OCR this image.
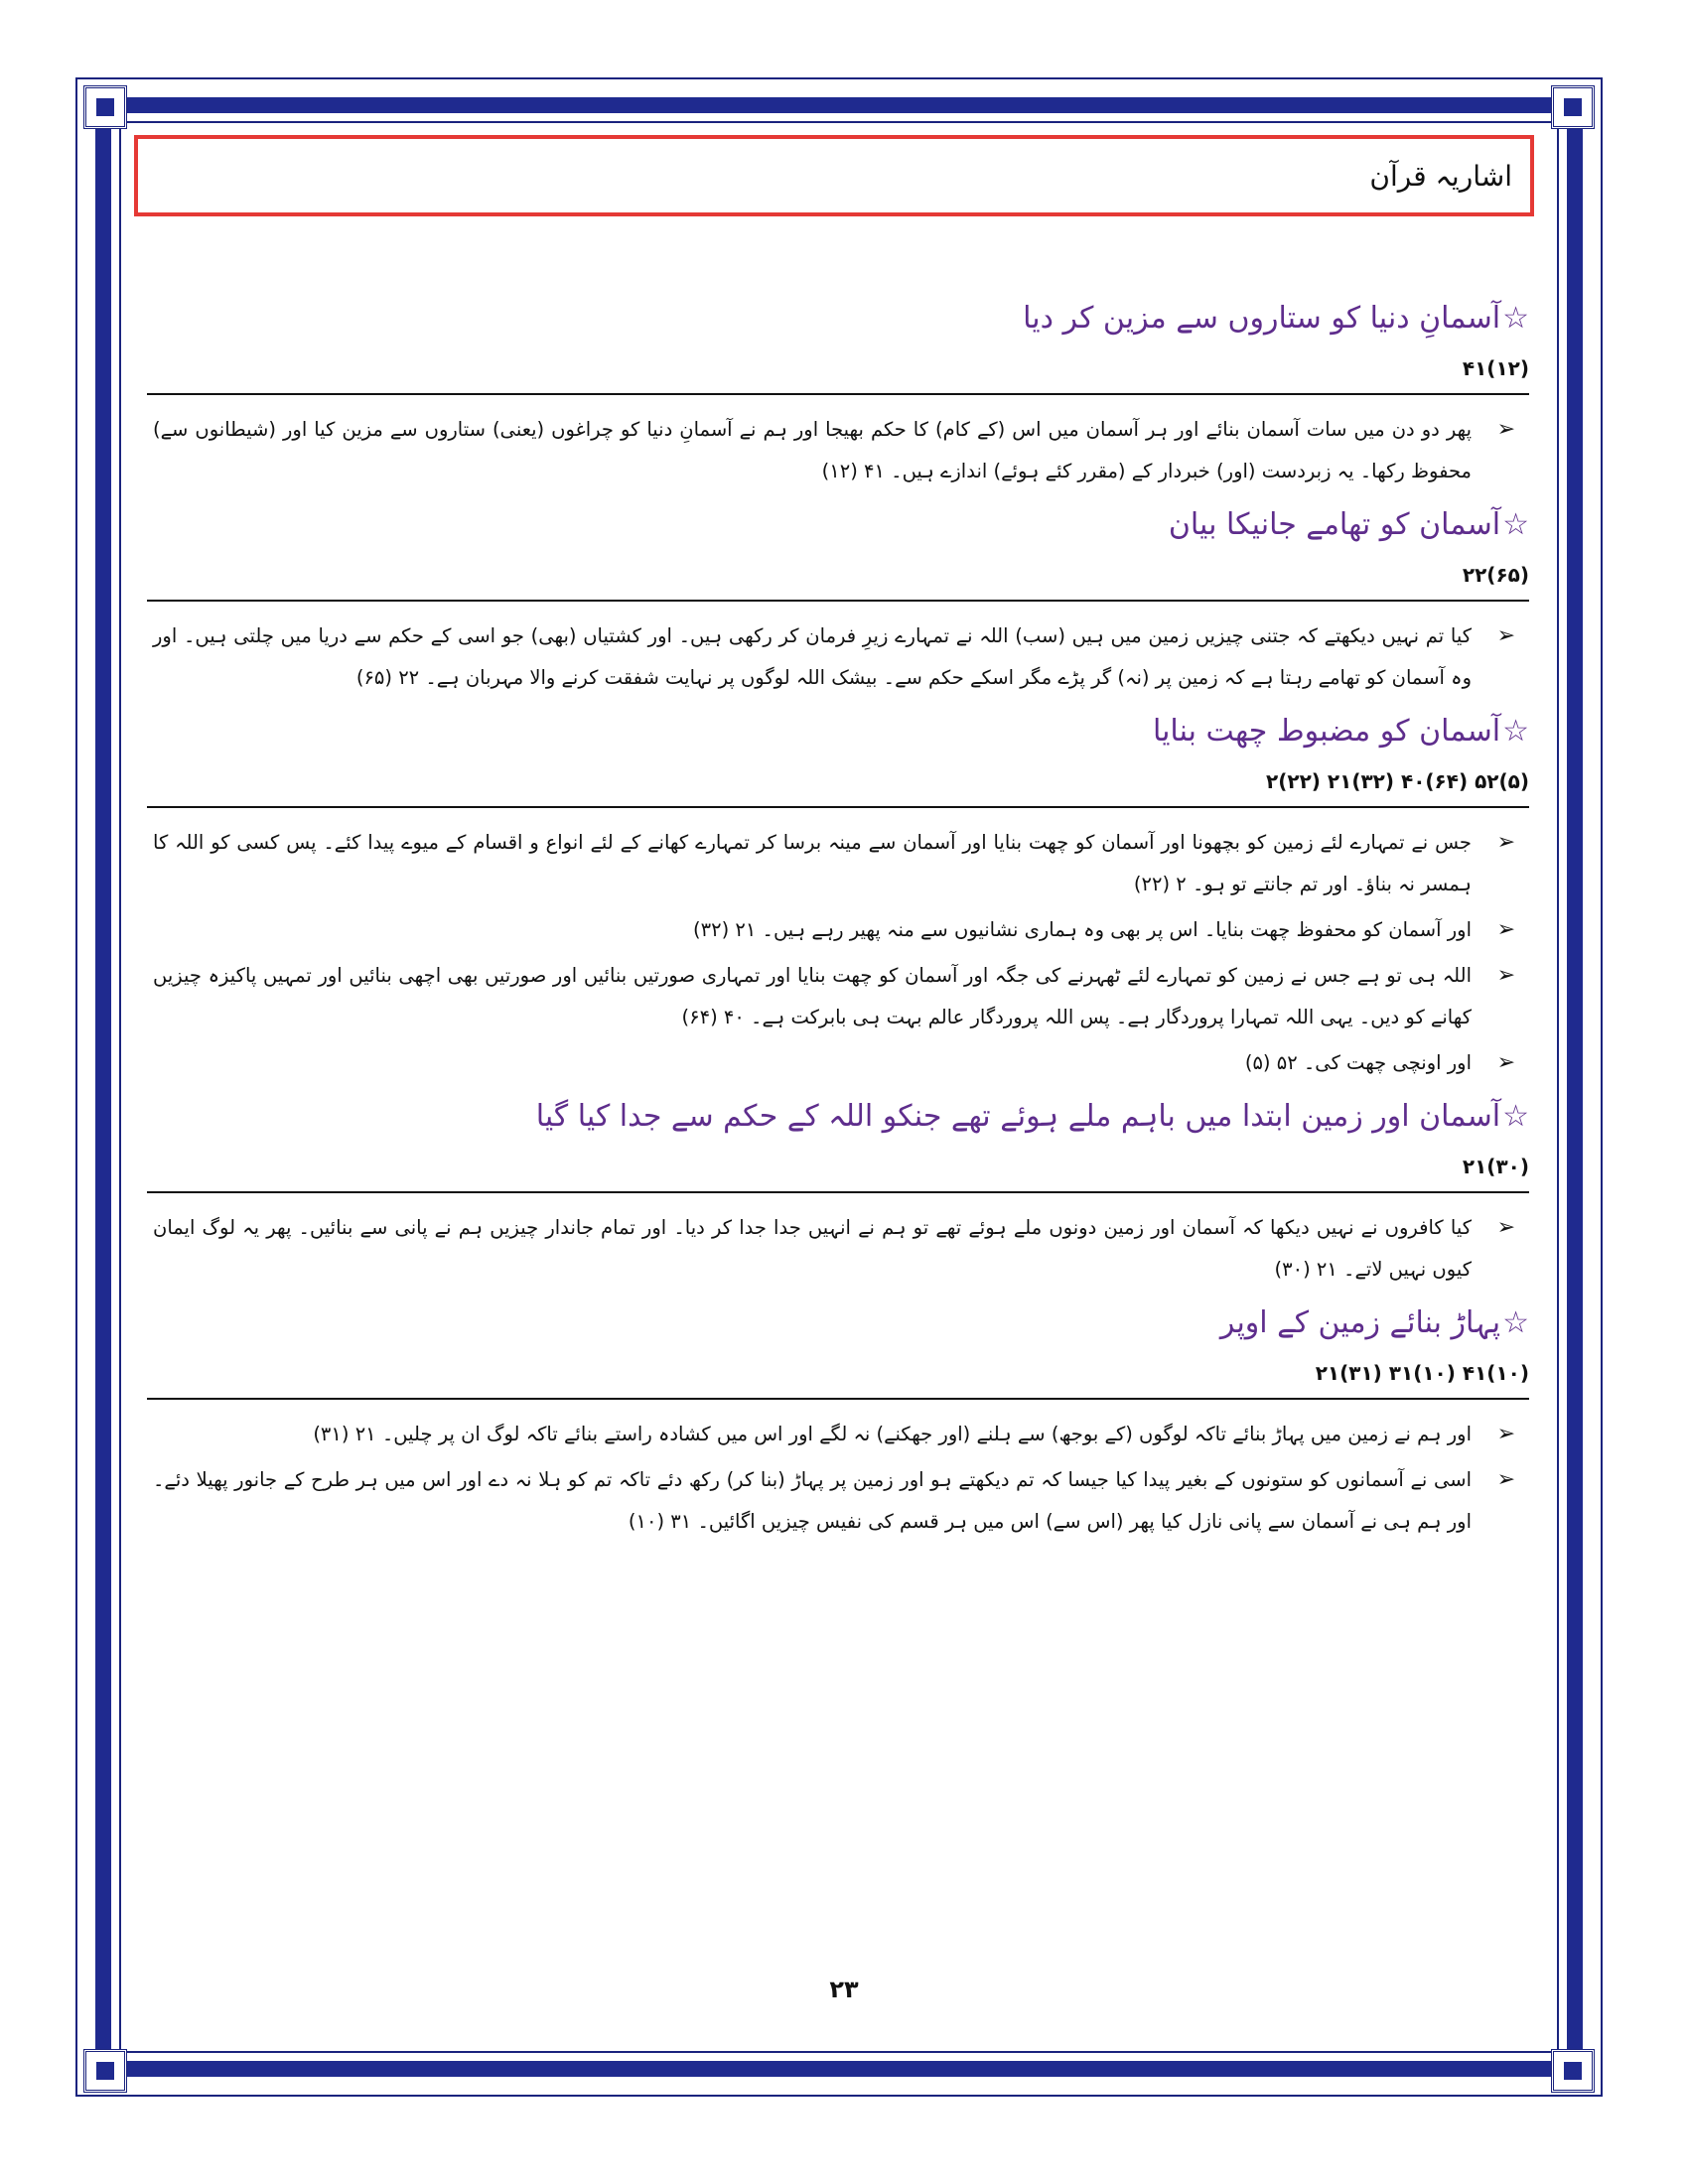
اشاریہ قرآن
☆آسمانِ دنیا کو ستاروں سے مزین کر دیا
(۱۲)۴۱
➢
پھر دو دن میں سات آسمان بنائے اور ہر آسمان میں اس (کے کام) کا حکم بھیجا اور ہم نے آسمانِ دنیا کو چراغوں (یعنی) ستاروں سے مزین کیا اور (شیطانوں سے) محفوظ رکھا۔ یہ زبردست (اور) خبردار کے (مقرر کئے ہوئے) اندازے ہیں۔ ۴۱ (۱۲)
☆آسمان کو تھامے جانیکا بیان
(۶۵)۲۲
➢
کیا تم نہیں دیکھتے کہ جتنی چیزیں زمین میں ہیں (سب) اللہ نے تمہارے زیرِ فرمان کر رکھی ہیں۔ اور کشتیاں (بھی) جو اسی کے حکم سے دریا میں چلتی ہیں۔ اور وہ آسمان کو تھامے رہتا ہے کہ زمین پر (نہ) گر پڑے مگر اسکے حکم سے۔ بیشک اللہ لوگوں پر نہایت شفقت کرنے والا مہربان ہے۔ ۲۲ (۶۵)
☆آسمان کو مضبوط چھت بنایا
(۵)۵۲ (۶۴)۴۰ (۳۲)۲۱ (۲۲)۲
➢
جس نے تمہارے لئے زمین کو بچھونا اور آسمان کو چھت بنایا اور آسمان سے مینہ برسا کر تمہارے کھانے کے لئے انواع و اقسام کے میوے پیدا کئے۔ پس کسی کو اللہ کا ہمسر نہ بناؤ۔ اور تم جانتے تو ہو۔ ۲ (۲۲)
➢
اور آسمان کو محفوظ چھت بنایا۔ اس پر بھی وہ ہماری نشانیوں سے منہ پھیر رہے ہیں۔ ۲۱ (۳۲)
➢
اللہ ہی تو ہے جس نے زمین کو تمہارے لئے ٹھہرنے کی جگہ اور آسمان کو چھت بنایا اور تمہاری صورتیں بنائیں اور صورتیں بھی اچھی بنائیں اور تمہیں پاکیزہ چیزیں کھانے کو دیں۔ یہی اللہ تمہارا پروردگار ہے۔ پس اللہ پروردگار عالم بہت ہی بابرکت ہے۔ ۴۰ (۶۴)
➢
اور اونچی چھت کی۔ ۵۲ (۵)
☆آسمان اور زمین ابتدا میں باہم ملے ہوئے تھے جنکو اللہ کے حکم سے جدا کیا گیا
(۳۰)۲۱
➢
کیا کافروں نے نہیں دیکھا کہ آسمان اور زمین دونوں ملے ہوئے تھے تو ہم نے انہیں جدا جدا کر دیا۔ اور تمام جاندار چیزیں ہم نے پانی سے بنائیں۔ پھر یہ لوگ ایمان کیوں نہیں لاتے۔ ۲۱ (۳۰)
☆پہاڑ بنائے زمین کے اوپر
(۱۰)۴۱ (۱۰)۳۱ (۳۱)۲۱
➢
اور ہم نے زمین میں پہاڑ بنائے تاکہ لوگوں (کے بوجھ) سے ہلنے (اور جھکنے) نہ لگے اور اس میں کشادہ راستے بنائے تاکہ لوگ ان پر چلیں۔ ۲۱ (۳۱)
➢
اسی نے آسمانوں کو ستونوں کے بغیر پیدا کیا جیسا کہ تم دیکھتے ہو اور زمین پر پہاڑ (بنا کر) رکھ دئے تاکہ تم کو ہلا نہ دے اور اس میں ہر طرح کے جانور پھیلا دئے۔ اور ہم ہی نے آسمان سے پانی نازل کیا پھر (اس سے) اس میں ہر قسم کی نفیس چیزیں اگائیں۔ ۳۱ (۱۰)
۲۳
